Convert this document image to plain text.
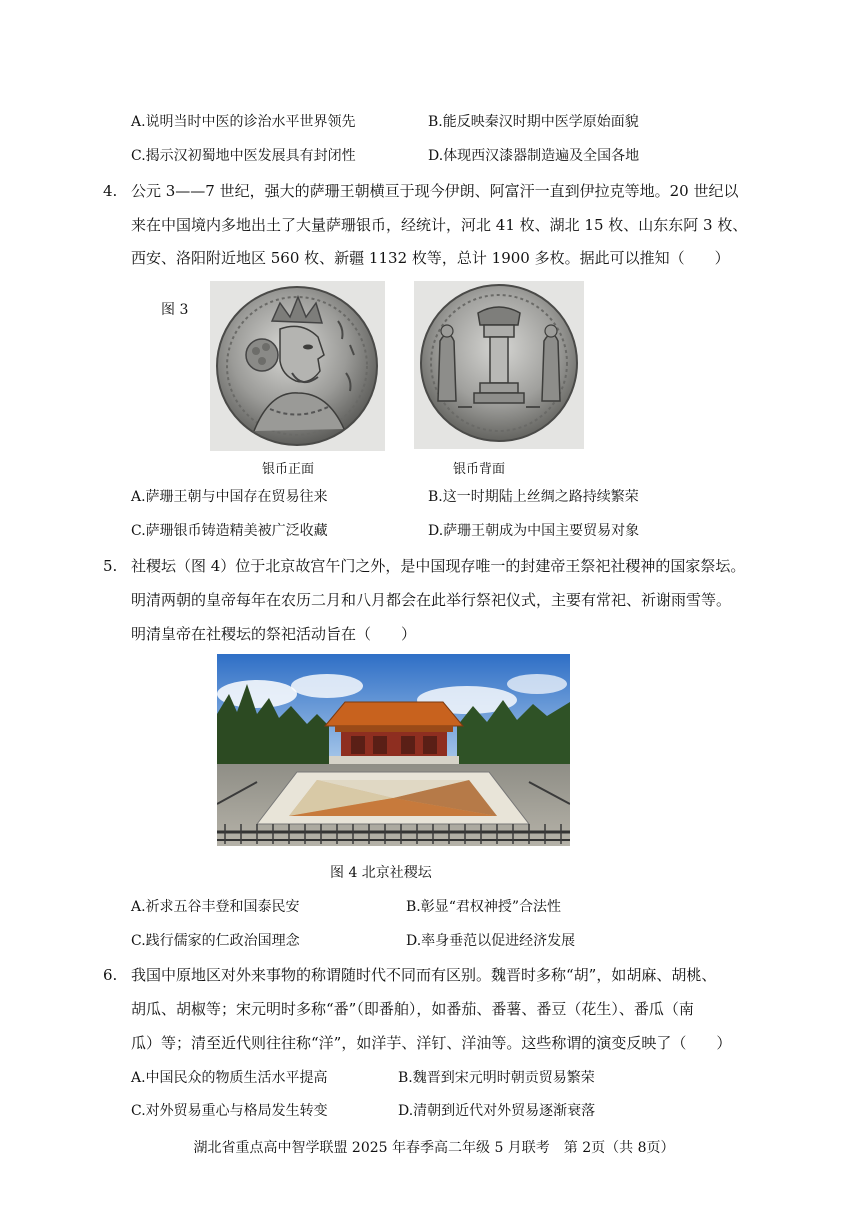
A.说明当时中医的诊治水平世界领先	B.能反映秦汉时期中医学原始面貌
C.揭示汉初蜀地中医发展具有封闭性	D.体现西汉漆器制造遍及全国各地
4. 公元 3——7 世纪，强大的萨珊王朝横亘于现今伊朗、阿富汗一直到伊拉克等地。20 世纪以
来在中国境内多地出土了大量萨珊银币，经统计，河北 41 枚、湖北 15 枚、山东东阿 3 枚、
西安、洛阳附近地区 560 枚、新疆 1132 枚等，总计 1900 多枚。据此可以推知（　　）
图 3
银币正面	银币背面
A.萨珊王朝与中国存在贸易往来	B.这一时期陆上丝绸之路持续繁荣
C.萨珊银币铸造精美被广泛收藏	D.萨珊王朝成为中国主要贸易对象
5. 社稷坛（图 4）位于北京故宫午门之外，是中国现存唯一的封建帝王祭祀社稷神的国家祭坛。
明清两朝的皇帝每年在农历二月和八月都会在此举行祭祀仪式，主要有常祀、祈谢雨雪等。
明清皇帝在社稷坛的祭祀活动旨在（　　）
图 4 北京社稷坛
A.祈求五谷丰登和国泰民安	B.彰显“君权神授”合法性
C.践行儒家的仁政治国理念	D.率身垂范以促进经济发展
6. 我国中原地区对外来事物的称谓随时代不同而有区别。魏晋时多称“胡”，如胡麻、胡桃、
胡瓜、胡椒等；宋元明时多称“番”（即番舶），如番茄、番薯、番豆（花生）、番瓜（南
瓜）等；清至近代则往往称“洋”，如洋芋、洋钉、洋油等。这些称谓的演变反映了（　　）
A.中国民众的物质生活水平提高	B.魏晋到宋元明时朝贡贸易繁荣
C.对外贸易重心与格局发生转变	D.清朝到近代对外贸易逐渐衰落
湖北省重点高中智学联盟 2025 年春季高二年级 5 月联考　第 2页（共 8页）
